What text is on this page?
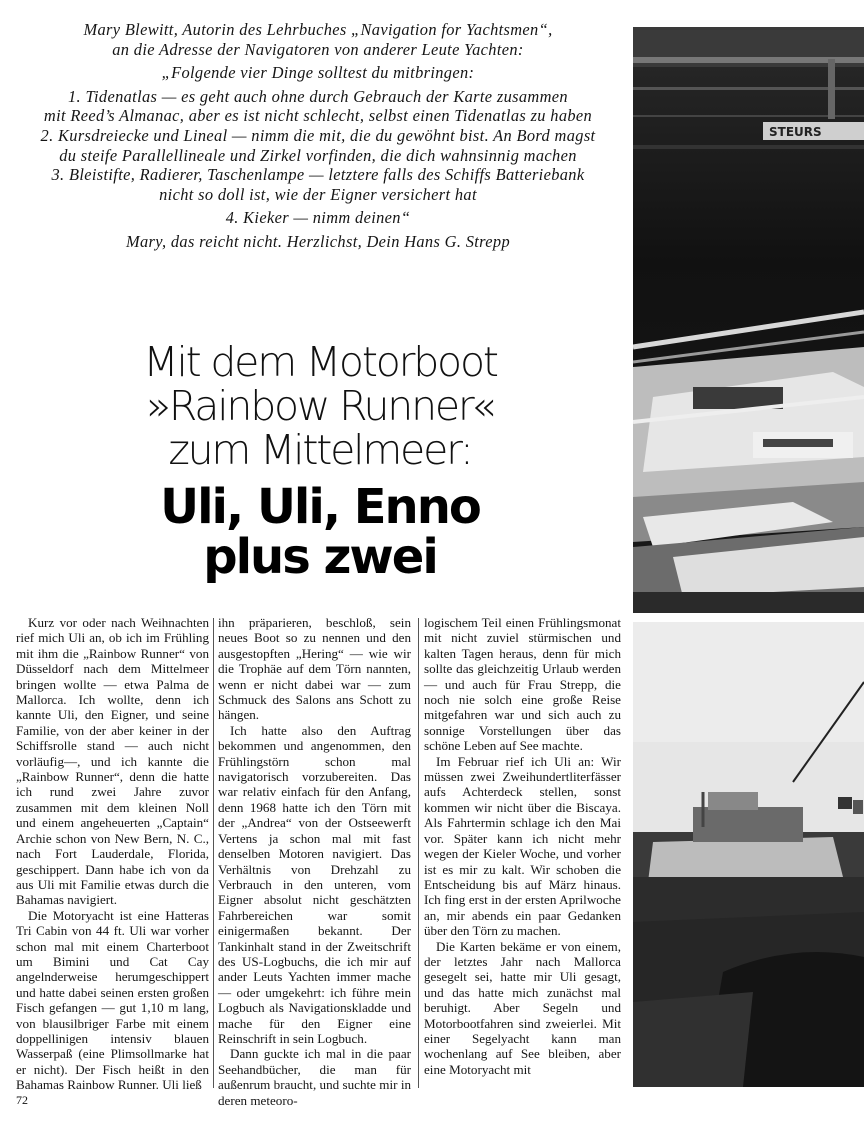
Mary Blewitt, Autorin des Lehrbuches „Navigation for Yachtsmen“,
an die Adresse der Navigatoren von anderer Leute Yachten:
„Folgende vier Dinge solltest du mitbringen:
1. Tidenatlas — es geht auch ohne durch Gebrauch der Karte zusammen
mit Reed’s Almanac, aber es ist nicht schlecht, selbst einen Tidenatlas zu haben
2. Kursdreiecke und Lineal — nimm die mit, die du gewöhnt bist. An Bord magst
du steife Parallellineale und Zirkel vorfinden, die dich wahnsinnig machen
3. Bleistifte, Radierer, Taschenlampe — letztere falls des Schiffs Batteriebank
nicht so doll ist, wie der Eigner versichert hat
4. Kieker — nimm deinen“
Mary, das reicht nicht. Herzlichst, Dein Hans G. Strepp
Mit dem Motorboot
»Rainbow Runner«
zum Mittelmeer:
Uli, Uli, Enno
plus zwei

Kurz vor oder nach Weihnachten rief mich Uli an, ob ich im Frühling mit ihm die „Rainbow Runner“ von Düsseldorf nach dem Mittelmeer bringen wollte — etwa Palma de Mallorca. Ich wollte, denn ich kannte Uli, den Eigner, und seine Familie, von der aber keiner in der Schiffsrolle stand — auch nicht vorläufig—, und ich kannte die „Rainbow Runner“, denn die hatte ich rund zwei Jahre zuvor zusammen mit dem kleinen Noll und einem angeheuerten „Captain“ Archie schon von New Bern, N. C., nach Fort Lauderdale, Florida, geschippert. Dann habe ich von da aus Uli mit Familie etwas durch die Bahamas navigiert.

Die Motoryacht ist eine Hatteras Tri Cabin von 44 ft. Uli war vorher schon mal mit einem Charterboot um Bimini und Cat Cay angelnderweise herumgeschippert und hatte dabei seinen ersten großen Fisch gefangen — gut 1,10 m lang, von blausilbriger Farbe mit einem doppellinigen intensiv blauen Wasserpaß (eine Plimsollmarke hat er nicht). Der Fisch heißt in den Bahamas Rainbow Runner. Uli ließ

ihn präparieren, beschloß, sein neues Boot so zu nennen und den ausgestopften „Hering“ — wie wir die Trophäe auf dem Törn nannten, wenn er nicht dabei war — zum Schmuck des Salons ans Schott zu hängen.

Ich hatte also den Auftrag bekommen und angenommen, den Frühlingstörn schon mal navigatorisch vorzubereiten. Das war relativ einfach für den Anfang, denn 1968 hatte ich den Törn mit der „Andrea“ von der Ostseewerft Vertens ja schon mal mit fast denselben Motoren navigiert. Das Verhältnis von Drehzahl zu Verbrauch in den unteren, vom Eigner absolut nicht geschätzten Fahrbereichen war somit einigermaßen bekannt. Der Tankinhalt stand in der Zweitschrift des US-Logbuchs, die ich mir auf ander Leuts Yachten immer mache — oder umgekehrt: ich führe mein Logbuch als Navigationskladde und mache für den Eigner eine Reinschrift in sein Logbuch.

Dann guckte ich mal in die paar Seehandbücher, die man für außenrum braucht, und suchte mir in deren meteoro-

logischem Teil einen Frühlingsmonat mit nicht zuviel stürmischen und kalten Tagen heraus, denn für mich sollte das gleichzeitig Urlaub werden — und auch für Frau Strepp, die noch nie solch eine große Reise mitgefahren war und sich auch zu sonnige Vorstellungen über das schöne Leben auf See machte.

Im Februar rief ich Uli an: Wir müssen zwei Zweihundertliterfässer aufs Achterdeck stellen, sonst kommen wir nicht über die Biscaya. Als Fahrtermin schlage ich den Mai vor. Später kann ich nicht mehr wegen der Kieler Woche, und vorher ist es mir zu kalt. Wir schoben die Entscheidung bis auf März hinaus. Ich fing erst in der ersten Aprilwoche an, mir abends ein paar Gedanken über den Törn zu machen.

Die Karten bekäme er von einem, der letztes Jahr nach Mallorca gesegelt sei, hatte mir Uli gesagt, und das hatte mich zunächst mal beruhigt. Aber Segeln und Motorbootfahren sind zweierlei. Mit einer Segelyacht kann man wochenlang auf See bleiben, aber eine Motoryacht mit

72
STEURS
